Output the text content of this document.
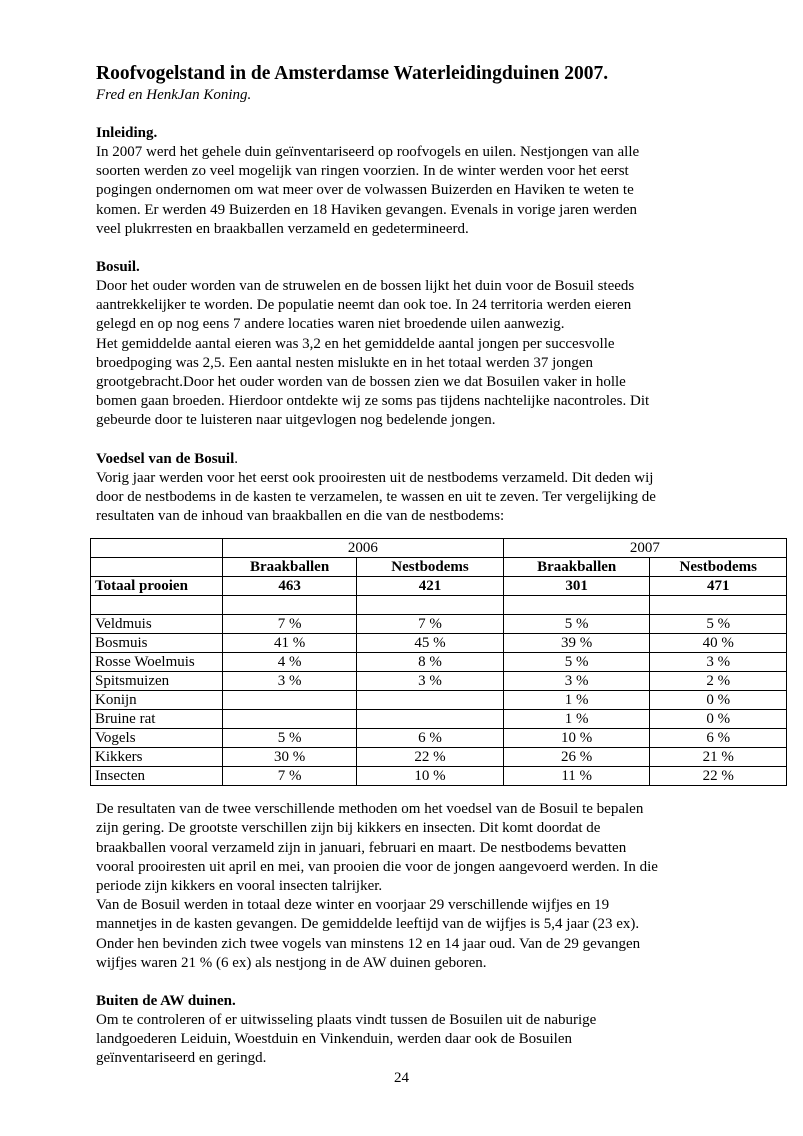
Roofvogelstand in de Amsterdamse Waterleidingduinen 2007.

Fred en HenkJan Koning.

Inleiding.

In 2007 werd het gehele duin geïnventariseerd op roofvogels en uilen. Nestjongen van alle

soorten werden zo veel mogelijk van ringen voorzien. In de winter werden voor het eerst

pogingen ondernomen om wat meer over de volwassen Buizerden en Haviken te weten te

komen. Er werden 49 Buizerden en 18 Haviken gevangen. Evenals in vorige jaren werden

veel plukrresten en braakballen verzameld en gedetermineerd.

Bosuil.

Door het ouder worden van de struwelen en de bossen lijkt het duin voor de Bosuil steeds

aantrekkelijker te worden. De populatie neemt dan ook toe. In 24 territoria werden eieren

gelegd en op nog eens 7 andere locaties waren niet broedende uilen aanwezig.

Het gemiddelde aantal eieren was 3,2 en het gemiddelde aantal jongen per succesvolle

broedpoging was 2,5. Een aantal nesten mislukte en in het totaal werden 37 jongen

grootgebracht.Door het ouder worden van de bossen zien we dat Bosuilen vaker in holle

bomen gaan broeden. Hierdoor ontdekte wij ze soms pas tijdens nachtelijke nacontroles. Dit

gebeurde door te luisteren naar uitgevlogen nog bedelende jongen.

Voedsel van de Bosuil.

Vorig jaar werden voor het eerst ook prooiresten uit de nestbodems verzameld. Dit deden wij

door de nestbodems in de kasten te verzamelen, te wassen en uit te zeven. Ter vergelijking de

resultaten van de inhoud van braakballen en die van de nestbodems:

	2006		2007	
	Braakballen	Nestbodems	Braakballen	Nestbodems
Totaal prooien	463	421	301	471

Veldmuis	7 %	7 %	5 %	5 %
Bosmuis	41 %	45 %	39 %	40 %
Rosse Woelmuis	4 %	8 %	5 %	3 %
Spitsmuizen	3 %	3 %	3 %	2 %
Konijn			1 %	0 %
Bruine rat			1 %	0 %
Vogels	5 %	6 %	10 %	6 %
Kikkers	30 %	22 %	26 %	21 %
Insecten	7 %	10 %	11 %	22 %

De resultaten van de twee verschillende methoden om het voedsel van de Bosuil te bepalen

zijn gering. De grootste verschillen zijn bij kikkers en insecten. Dit komt doordat de

braakballen vooral verzameld zijn in januari, februari en maart. De nestbodems bevatten

vooral prooiresten uit april en mei, van prooien die voor de jongen aangevoerd werden. In die

periode zijn kikkers en vooral insecten talrijker.

Van de Bosuil werden in totaal deze winter en voorjaar 29 verschillende wijfjes en 19

mannetjes in de kasten gevangen. De gemiddelde leeftijd van de wijfjes is 5,4 jaar (23 ex).

Onder hen bevinden zich twee vogels van minstens 12 en 14 jaar oud. Van de 29 gevangen

wijfjes waren 21 % (6 ex) als nestjong in de AW duinen geboren.

Buiten de AW duinen.

Om te controleren of er uitwisseling plaats vindt tussen de Bosuilen uit de naburige

landgoederen Leiduin, Woestduin en Vinkenduin, werden daar ook de Bosuilen

geïnventariseerd en geringd.

24
